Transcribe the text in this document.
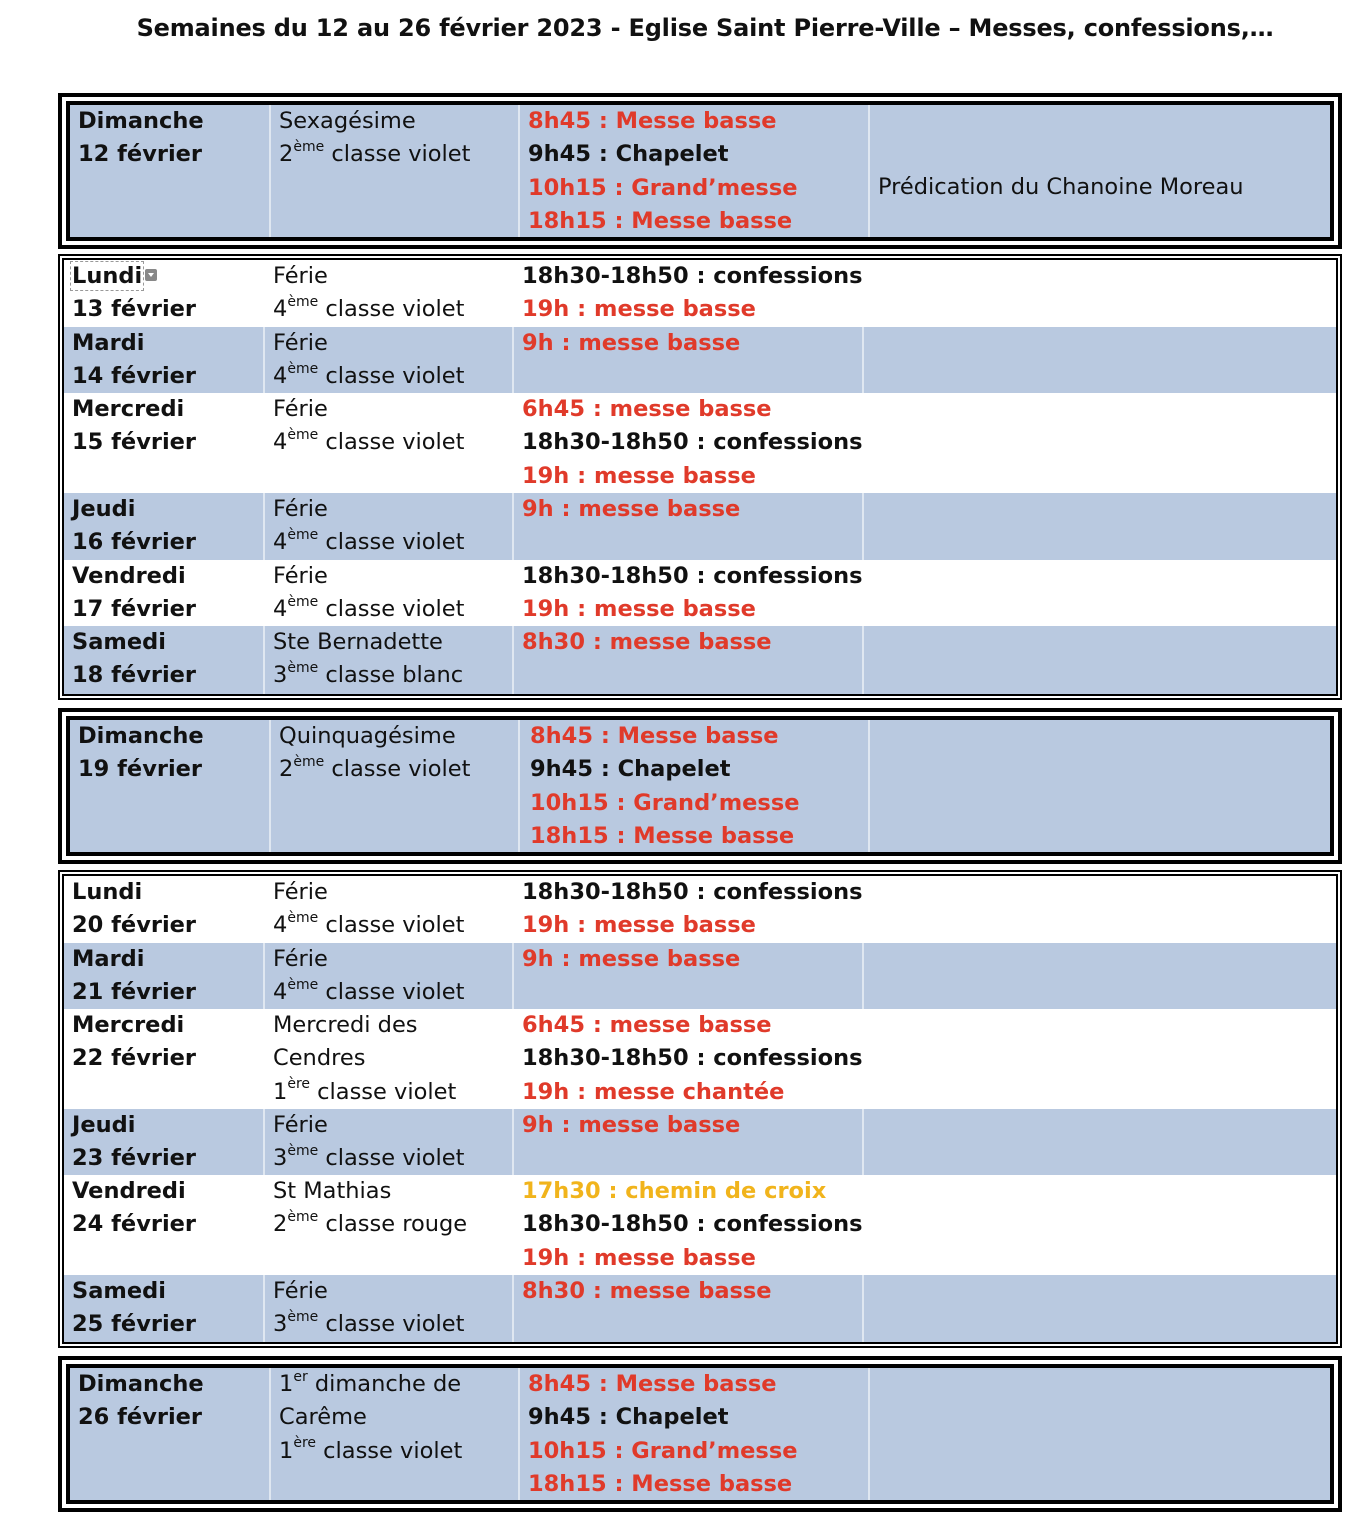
Semaines du 12 au 26 février 2023 - Eglise Saint Pierre-Ville – Messes, confessions,…
Dimanche
12 février
Sexagésime
2ème classe violet
8h45 : Messe basse
9h45 : Chapelet
10h15 : Grand’messe
18h15 : Messe basse
Prédication du Chanoine Moreau
Lundi
13 février
Férie
4ème classe violet
18h30-18h50 : confessions
19h : messe basse
Mardi
14 février
Férie
4ème classe violet
9h : messe basse
Mercredi
15 février
Férie
4ème classe violet
6h45 : messe basse
18h30-18h50 : confessions
19h : messe basse
Jeudi
16 février
Férie
4ème classe violet
9h : messe basse
Vendredi
17 février
Férie
4ème classe violet
18h30-18h50 : confessions
19h : messe basse
Samedi
18 février
Ste Bernadette
3ème classe blanc
8h30 : messe basse
Dimanche
19 février
Quinquagésime
2ème classe violet
8h45 : Messe basse
9h45 : Chapelet
10h15 : Grand’messe
18h15 : Messe basse
Lundi
20 février
Férie
4ème classe violet
18h30-18h50 : confessions
19h : messe basse
Mardi
21 février
Férie
4ème classe violet
9h : messe basse
Mercredi
22 février
Mercredi des
Cendres
1ère classe violet
6h45 : messe basse
18h30-18h50 : confessions
19h : messe chantée
Jeudi
23 février
Férie
3ème classe violet
9h : messe basse
Vendredi
24 février
St Mathias
2ème classe rouge
17h30 : chemin de croix
18h30-18h50 : confessions
19h : messe basse
Samedi
25 février
Férie
3ème classe violet
8h30 : messe basse
Dimanche
26 février
1er dimanche de
Carême
1ère classe violet
8h45 : Messe basse
9h45 : Chapelet
10h15 : Grand’messe
18h15 : Messe basse
